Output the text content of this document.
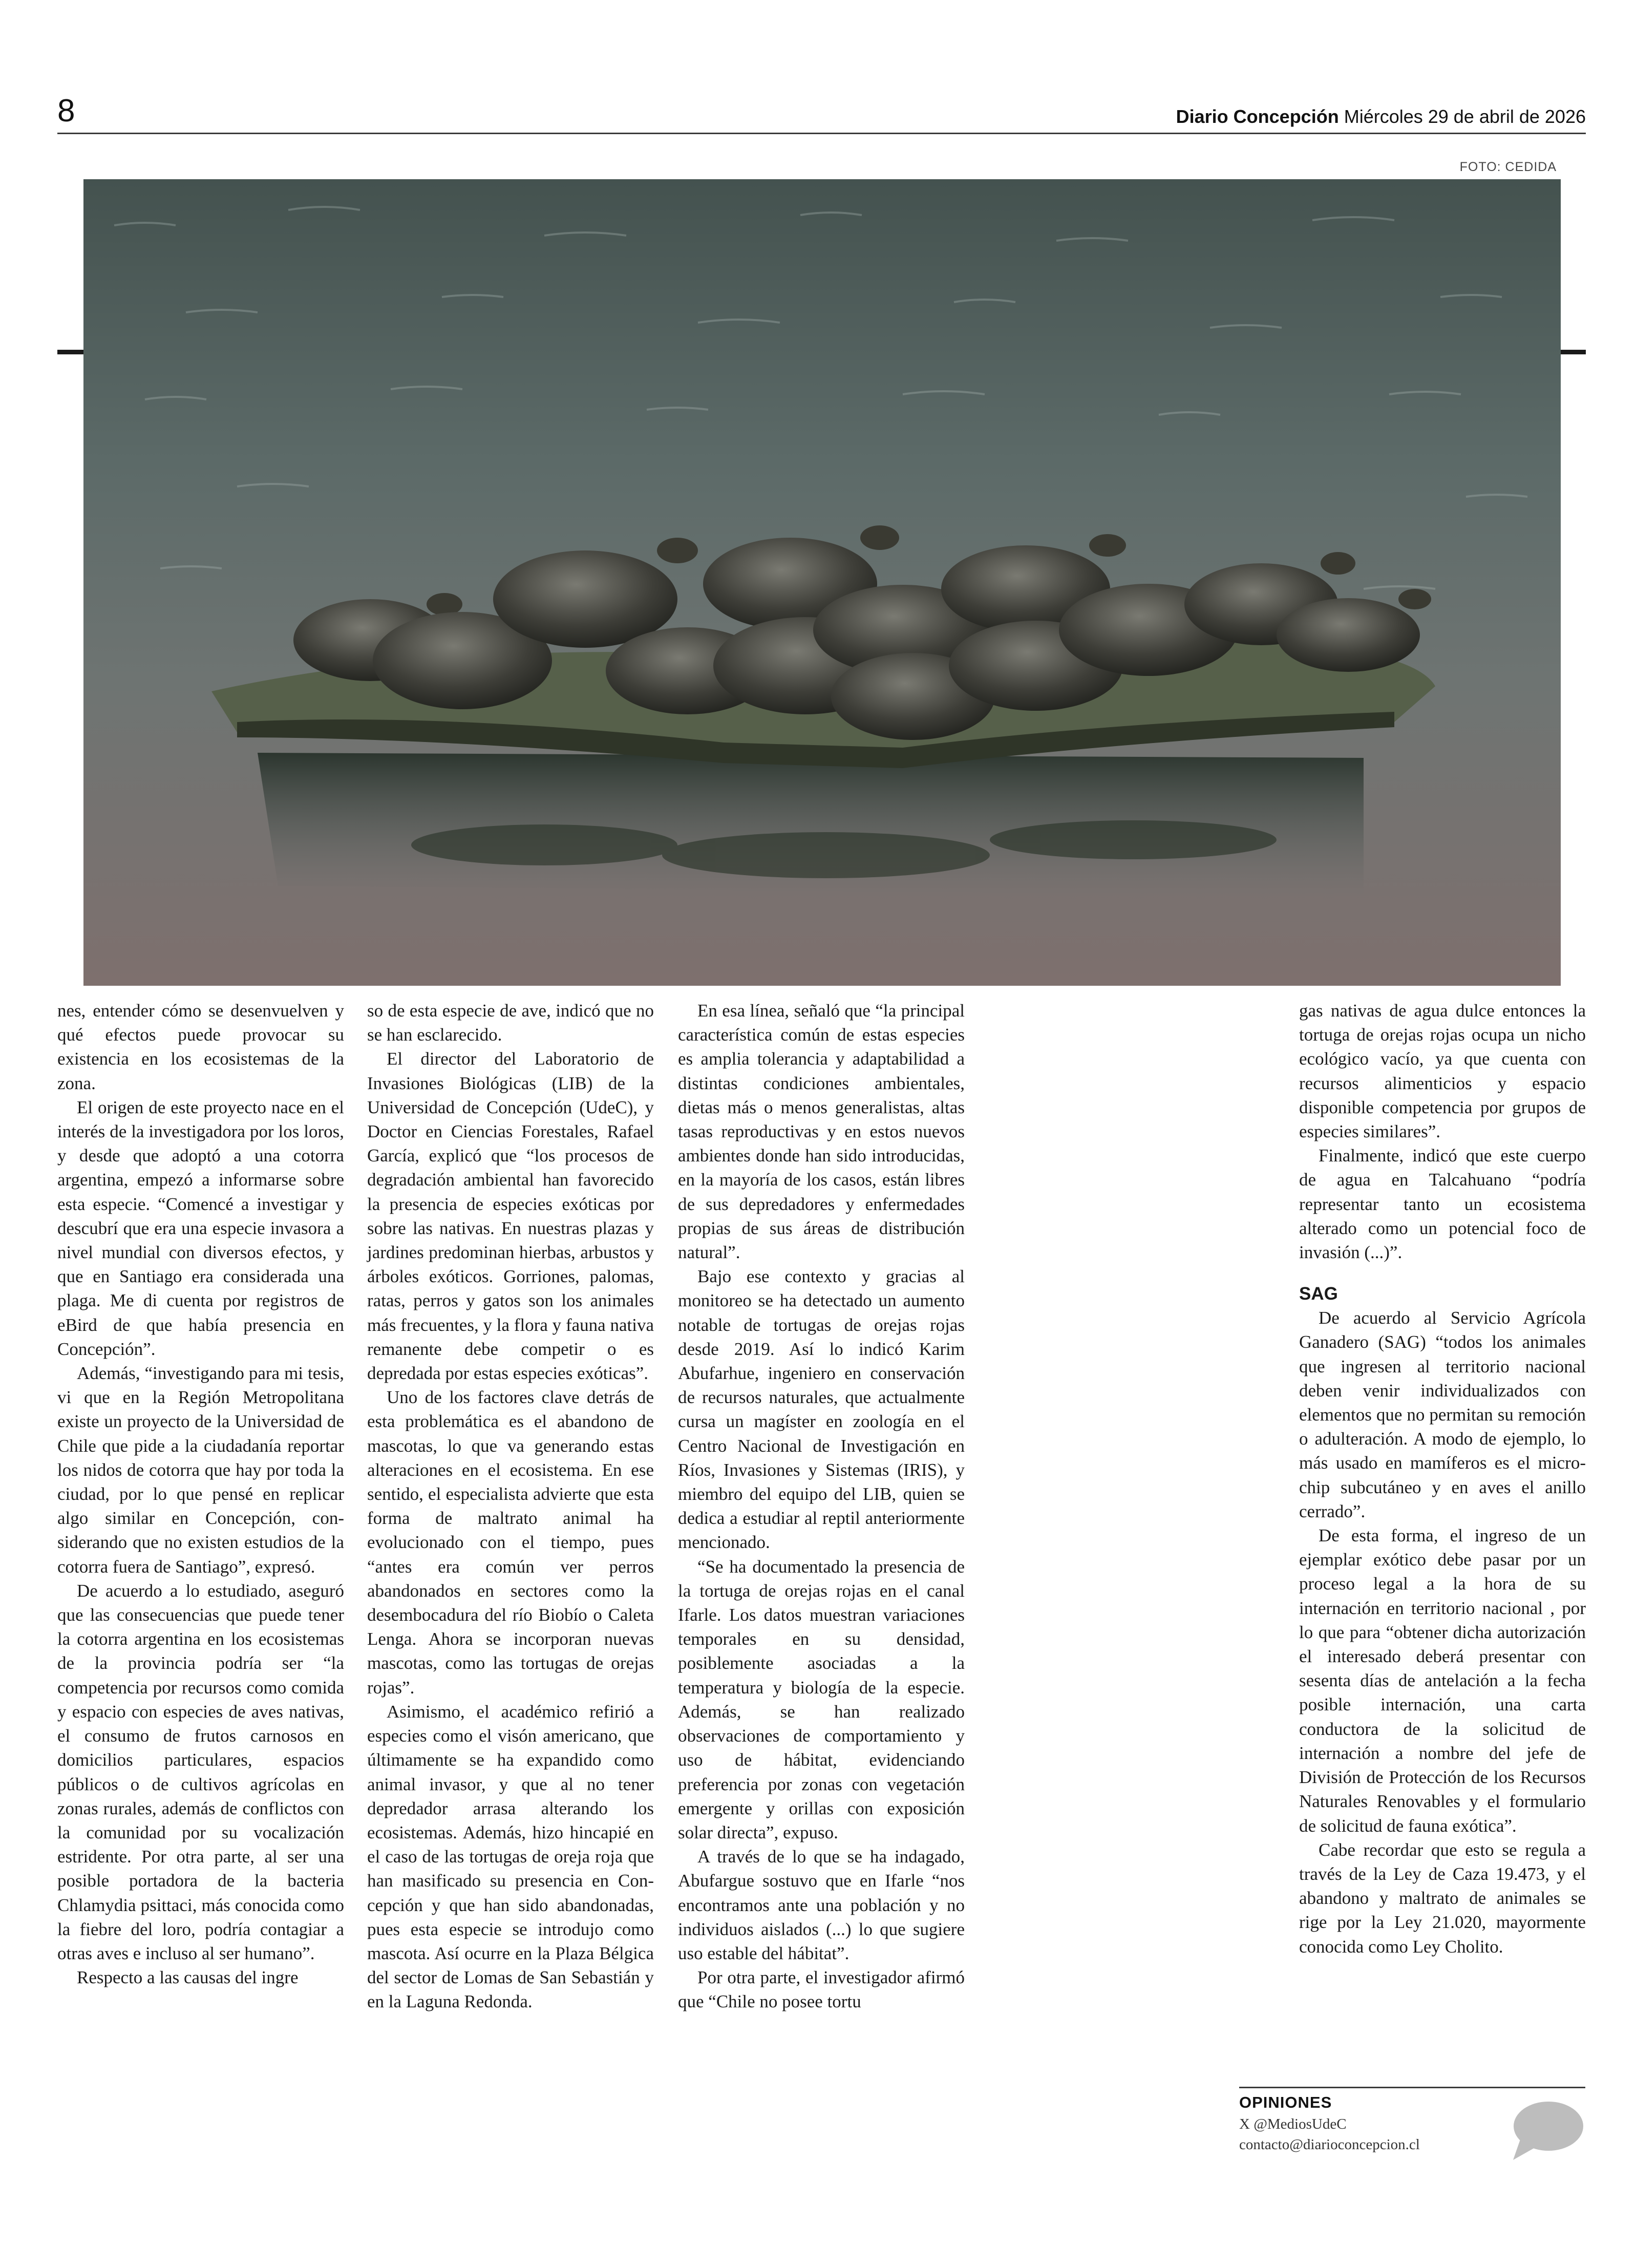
8	Diario Concepción Miércoles 29 de abril de 2026
FOTO: CEDIDA

nes, entender cómo se desenvuelven y qué efectos puede provocar su existencia en los ecosistemas de la zona.

El origen de este proyecto nace en el interés de la investigadora por los loros, y desde que adoptó a una cotorra argentina, empezó a informarse sobre esta especie. “Comencé a investigar y descubrí que era una especie invasora a nivel mundial con diversos efectos, y que en Santiago era considerada una plaga. Me di cuenta por registros de eBird de que había presencia en Concepción”.

Además, “investigando para mi tesis, vi que en la Región Metropolitana existe un proyecto de la Universidad de Chile que pide a la ciudadanía reportar los nidos de cotorra que hay por toda la ciudad, por lo que pensé en replicar algo similar en Concepción, considerando que no existen estudios de la cotorra fuera de Santiago”, expresó.

De acuerdo a lo estudiado, aseguró que las consecuencias que puede tener la cotorra argentina en los ecosistemas de la provincia podría ser “la competencia por recursos como comida y espacio con especies de aves nativas, el consumo de frutos carnosos en domicilios particulares, espacios públicos o de cultivos agrícolas en zonas rurales, además de conflictos con la comunidad por su vocalización estridente. Por otra parte, al ser una posible portadora de la bacteria Chlamydia psittaci, más conocida como la fiebre del loro, podría contagiar a otras aves e incluso al ser humano”.

Respecto a las causas del ingre

so de esta especie de ave, indicó que no se han esclarecido.

El director del Laboratorio de Invasiones Biológicas (LIB) de la Universidad de Concepción (UdeC), y Doctor en Ciencias Forestales, Rafael García, explicó que “los procesos de degradación ambiental han favorecido la presencia de especies exóticas por sobre las nativas. En nuestras plazas y jardines predominan hierbas, arbustos y árboles exóticos. Gorriones, palomas, ratas, perros y gatos son los animales más frecuentes, y la flora y fauna nativa remanente debe competir o es depredada por estas especies exóticas”.

Uno de los factores clave detrás de esta problemática es el abandono de mascotas, lo que va generando estas alteraciones en el ecosistema. En ese sentido, el especialista advierte que esta forma de maltrato animal ha evolucionado con el tiempo, pues “antes era común ver perros abandonados en sectores como la desembocadura del río Biobío o Caleta Lenga. Ahora se incorporan nuevas mascotas, como las tortugas de orejas rojas”.

Asimismo, el académico refirió a especies como el visón americano, que últimamente se ha expandido como animal invasor, y que al no tener depredador arrasa alterando los ecosistemas. Además, hizo hincapié en el caso de las tortugas de oreja roja que han masificado su presencia en Concepción y que han sido abandonadas, pues esta especie se introdujo como mascota. Así ocurre en la Plaza Bélgica del sector de Lomas de San Sebastián y en la Laguna Redonda.

En esa línea, señaló que “la principal característica común de estas especies es amplia tolerancia y adaptabilidad a distintas condiciones ambientales, dietas más o menos generalistas, altas tasas reproductivas y en estos nuevos ambientes donde han sido introducidas, en la mayoría de los casos, están libres de sus depredadores y enfermedades propias de sus áreas de distribución natural”.

Bajo ese contexto y gracias al monitoreo se ha detectado un aumento notable de tortugas de orejas rojas desde 2019. Así lo indicó Karim Abufarhue, ingeniero en conservación de recursos naturales, que actualmente cursa un magíster en zoología en el Centro Nacional de Investigación en Ríos, Invasiones y Sistemas (IRIS), y miembro del equipo del LIB, quien se dedica a estudiar al reptil anteriormente mencionado.

“Se ha documentado la presencia de la tortuga de orejas rojas en el canal Ifarle. Los datos muestran variaciones temporales en su densidad, posiblemente asociadas a la temperatura y biología de la especie. Además, se han realizado observaciones de comportamiento y uso de hábitat, evidenciando preferencia por zonas con vegetación emergente y orillas con exposición solar directa”, expuso.

A través de lo que se ha indagado, Abufargue sostuvo que en Ifarle “nos encontramos ante una población y no individuos aislados (...) lo que sugiere uso estable del hábitat”.

Por otra parte, el investigador afirmó que “Chile no posee tortu

gas nativas de agua dulce entonces la tortuga de orejas rojas ocupa un nicho ecológico vacío, ya que cuenta con recursos alimenticios y espacio disponible competencia por grupos de especies similares”.

Finalmente, indicó que este cuerpo de agua en Talcahuano “podría representar tanto un ecosistema alterado como un potencial foco de invasión (...)”.

SAG

De acuerdo al Servicio Agrícola Ganadero (SAG) “todos los animales que ingresen al territorio nacional deben venir individualizados con elementos que no permitan su remoción o adulteración. A modo de ejemplo, lo más usado en mamíferos es el microchip subcutáneo y en aves el anillo cerrado”.

De esta forma, el ingreso de un ejemplar exótico debe pasar por un proceso legal a la hora de su internación en territorio nacional , por lo que para “obtener dicha autorización el interesado deberá presentar con sesenta días de antelación a la fecha posible internación, una carta conductora de la solicitud de internación a nombre del jefe de División de Protección de los Recursos Naturales Renovables y el formulario de solicitud de fauna exótica”.

Cabe recordar que esto se regula a través de la Ley de Caza 19.473, y el abandono y maltrato de animales se rige por la Ley 21.020, mayormente conocida como Ley Cholito.

OPINIONES
X @MediosUdeC
contacto@diarioconcepcion.cl
